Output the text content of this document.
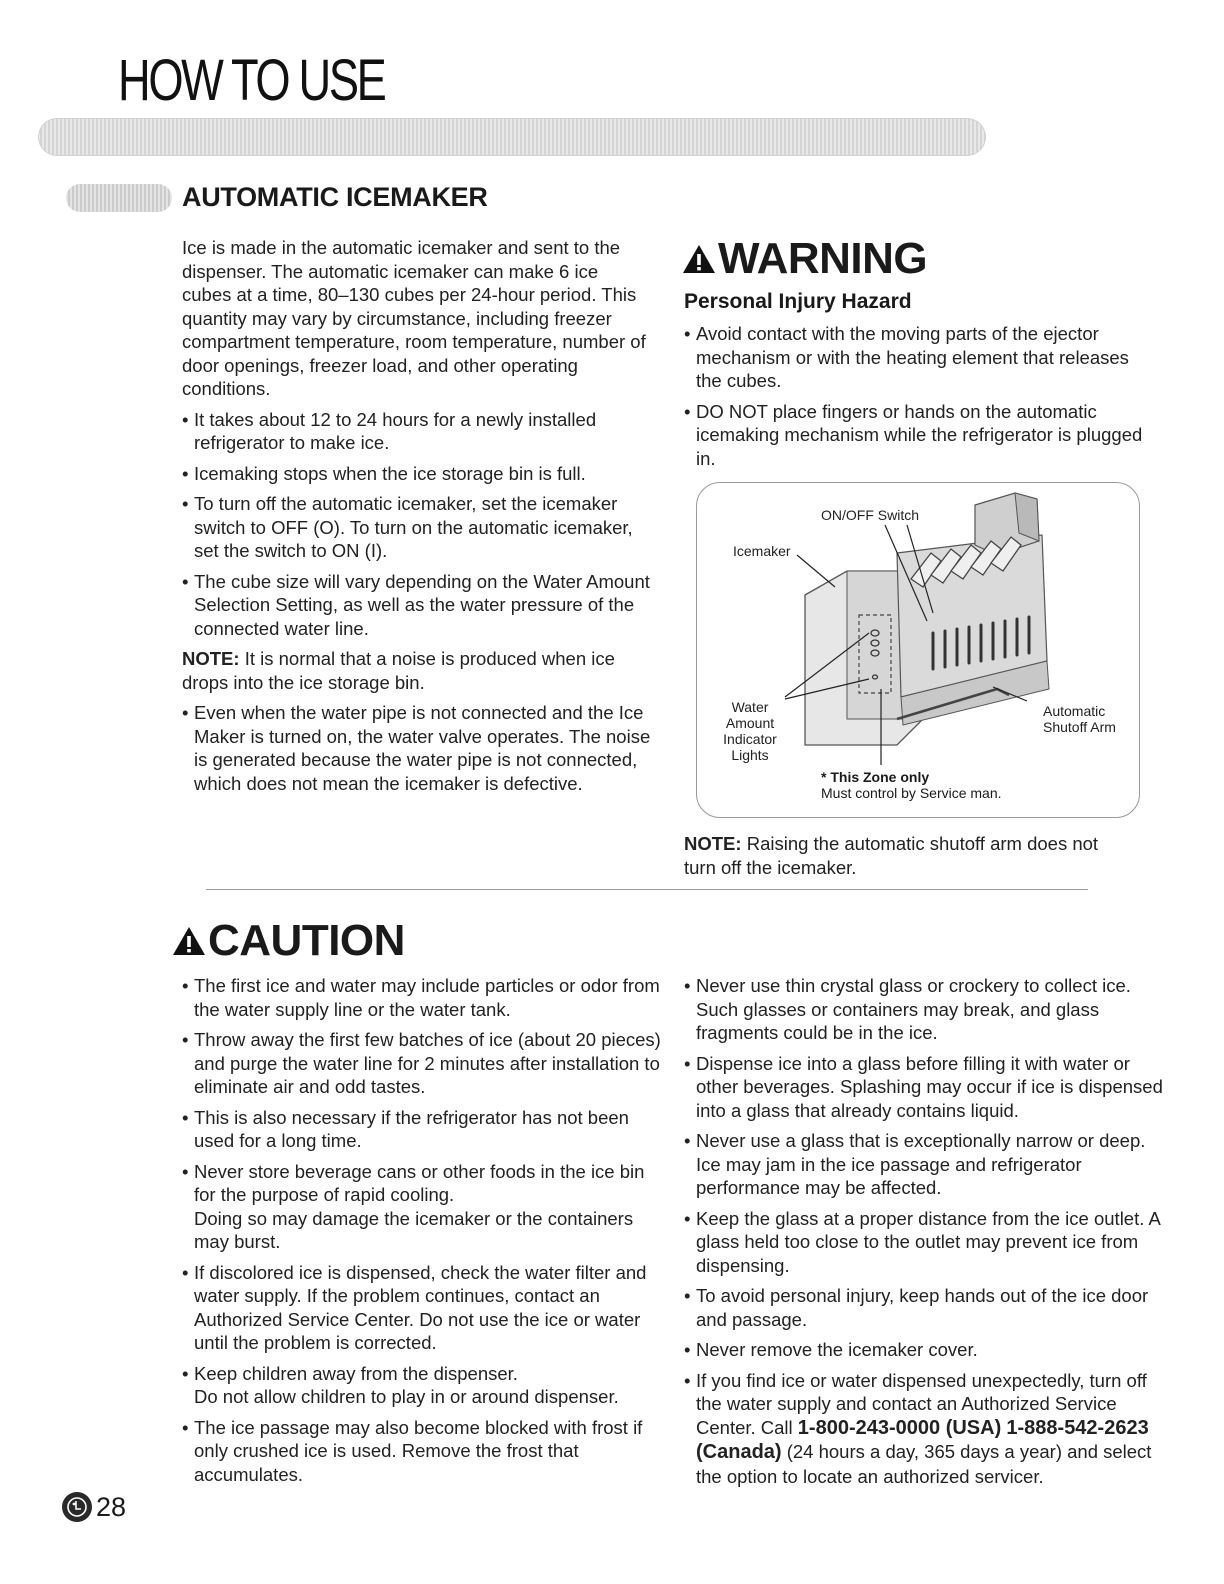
HOW TO USE
AUTOMATIC ICEMAKER

Ice is made in the automatic icemaker and sent to the dispenser. The automatic icemaker can make 6 ice cubes at a time, 80–130 cubes per 24-hour period. This quantity may vary by circumstance, including freezer compartment temperature, room temperature, number of door openings, freezer load, and other operating conditions.

• It takes about 12 to 24 hours for a newly installed refrigerator to make ice.
• Icemaking stops when the ice storage bin is full.
• To turn off the automatic icemaker, set the icemaker switch to OFF (O). To turn on the automatic icemaker, set the switch to ON (I).
• The cube size will vary depending on the Water Amount Selection Setting, as well as the water pressure of the connected water line.

NOTE: It is normal that a noise is produced when ice drops into the ice storage bin.

• Even when the water pipe is not connected and the Ice Maker is turned on, the water valve operates. The noise is generated because the water pipe is not connected, which does not mean the icemaker is defective.
WARNING
Personal Injury Hazard
• Avoid contact with the moving parts of the ejector mechanism or with the heating element that releases the cubes.
• DO NOT place fingers or hands on the automatic icemaking mechanism while the refrigerator is plugged in.
ON/OFF Switch
Icemaker
Water
Amount
Indicator
Lights
Automatic
Shutoff Arm
* This Zone only
Must control by Service man.
NOTE: Raising the automatic shutoff arm does not turn off the icemaker.
CAUTION
• The first ice and water may include particles or odor from the water supply line or the water tank.
• Throw away the first few batches of ice (about 20 pieces) and purge the water line for 2 minutes after installation to eliminate air and odd tastes.
• This is also necessary if the refrigerator has not been used for a long time.
• Never store beverage cans or other foods in the ice bin for the purpose of rapid cooling.
Doing so may damage the icemaker or the containers may burst.
• If discolored ice is dispensed, check the water filter and water supply. If the problem continues, contact an Authorized Service Center. Do not use the ice or water until the problem is corrected.
• Keep children away from the dispenser.
Do not allow children to play in or around dispenser.
• The ice passage may also become blocked with frost if only crushed ice is used. Remove the frost that accumulates.
• Never use thin crystal glass or crockery to collect ice. Such glasses or containers may break, and glass fragments could be in the ice.
• Dispense ice into a glass before filling it with water or other beverages. Splashing may occur if ice is dispensed into a glass that already contains liquid.
• Never use a glass that is exceptionally narrow or deep. Ice may jam in the ice passage and refrigerator performance may be affected.
• Keep the glass at a proper distance from the ice outlet. A glass held too close to the outlet may prevent ice from dispensing.
• To avoid personal injury, keep hands out of the ice door and passage.
• Never remove the icemaker cover.
• If you find ice or water dispensed unexpectedly, turn off the water supply and contact an Authorized Service Center. Call 1-800-243-0000 (USA) 1-888-542-2623 (Canada) (24 hours a day, 365 days a year) and select the option to locate an authorized servicer.

28
